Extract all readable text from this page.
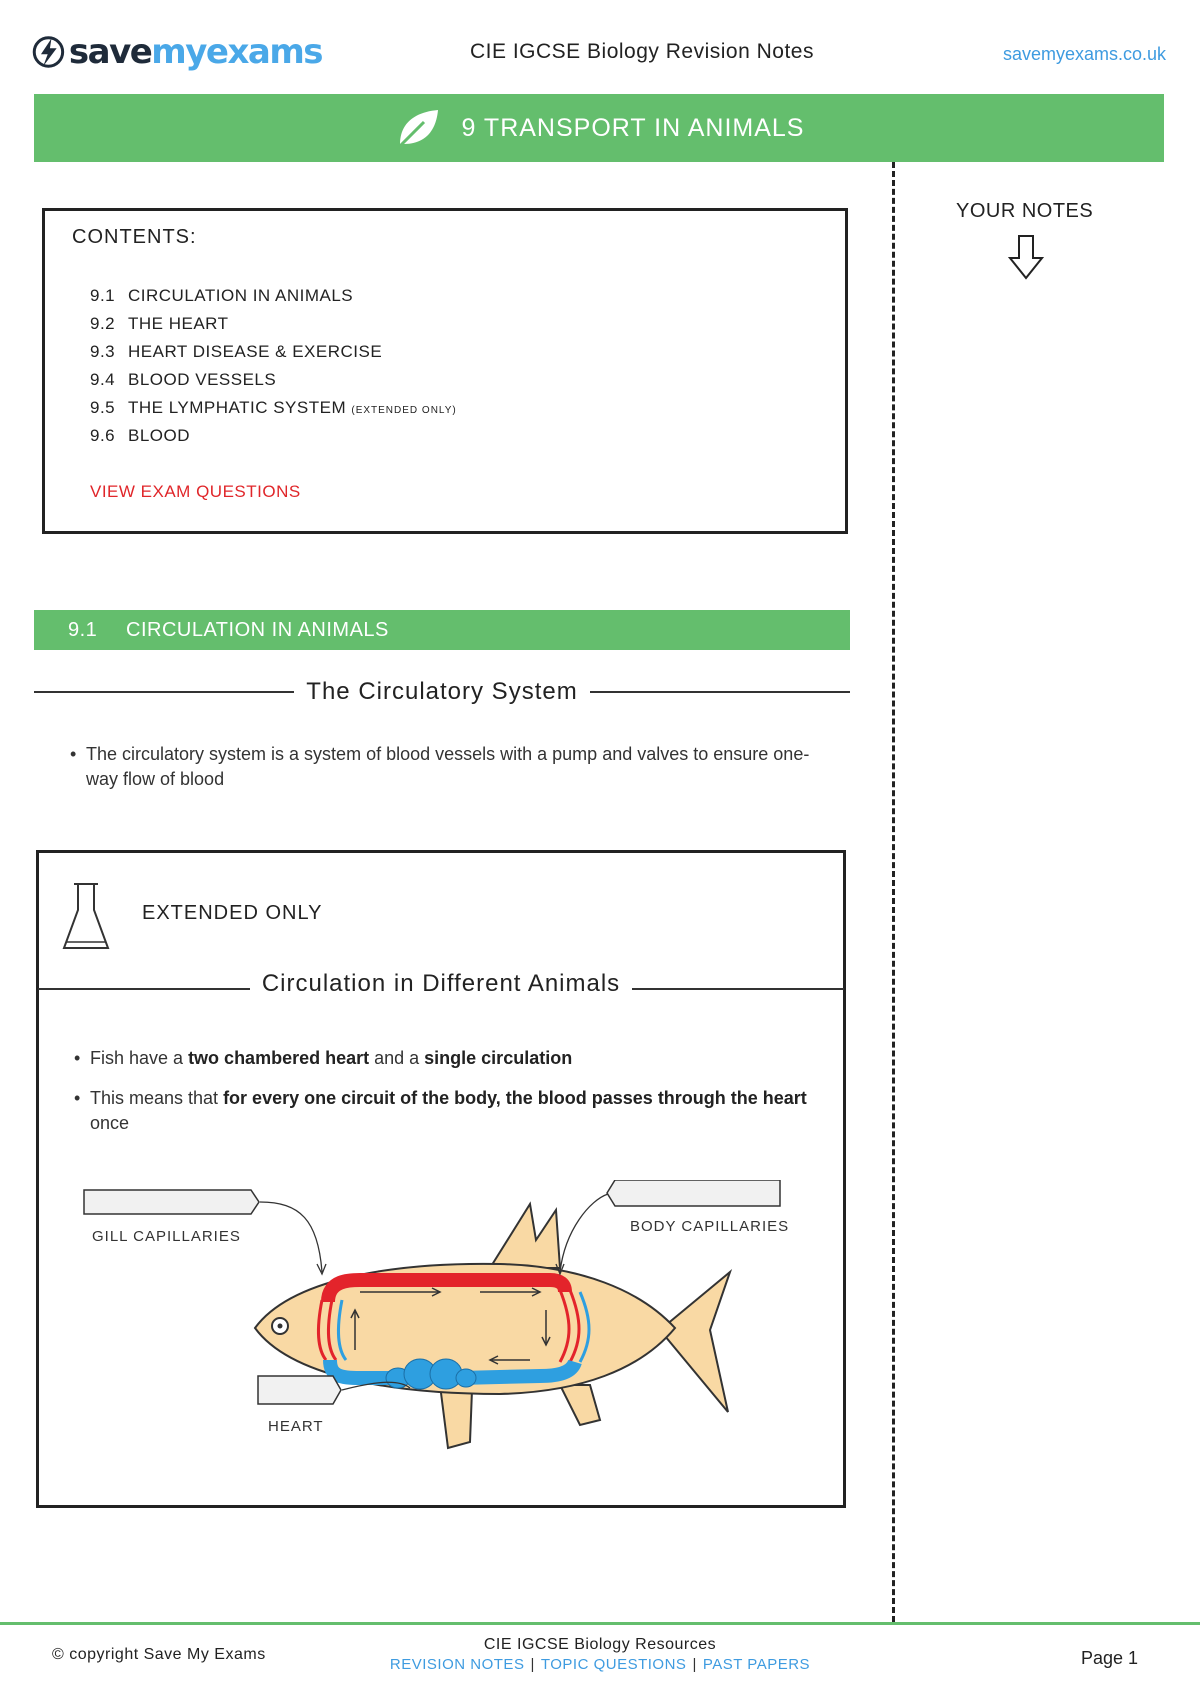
savemyexams	CIE IGCSE Biology Revision Notes	savemyexams.co.uk
9 TRANSPORT IN ANIMALS
YOUR NOTES
CONTENTS:
9.1 CIRCULATION IN ANIMALS
9.2 THE HEART
9.3 HEART DISEASE & EXERCISE
9.4 BLOOD VESSELS
9.5 THE LYMPHATIC SYSTEM (EXTENDED ONLY)
9.6 BLOOD
VIEW EXAM QUESTIONS
9.1	CIRCULATION IN ANIMALS
The Circulatory System
• The circulatory system is a system of blood vessels with a pump and valves to ensure one-way flow of blood
EXTENDED ONLY
Circulation in Different Animals
• Fish have a two chambered heart and a single circulation
• This means that for every one circuit of the body, the blood passes through the heart once
GILL CAPILLARIES
BODY CAPILLARIES
HEART
© copyright Save My Exams
CIE IGCSE Biology Resources
REVISION NOTES | TOPIC QUESTIONS | PAST PAPERS	Page 1
